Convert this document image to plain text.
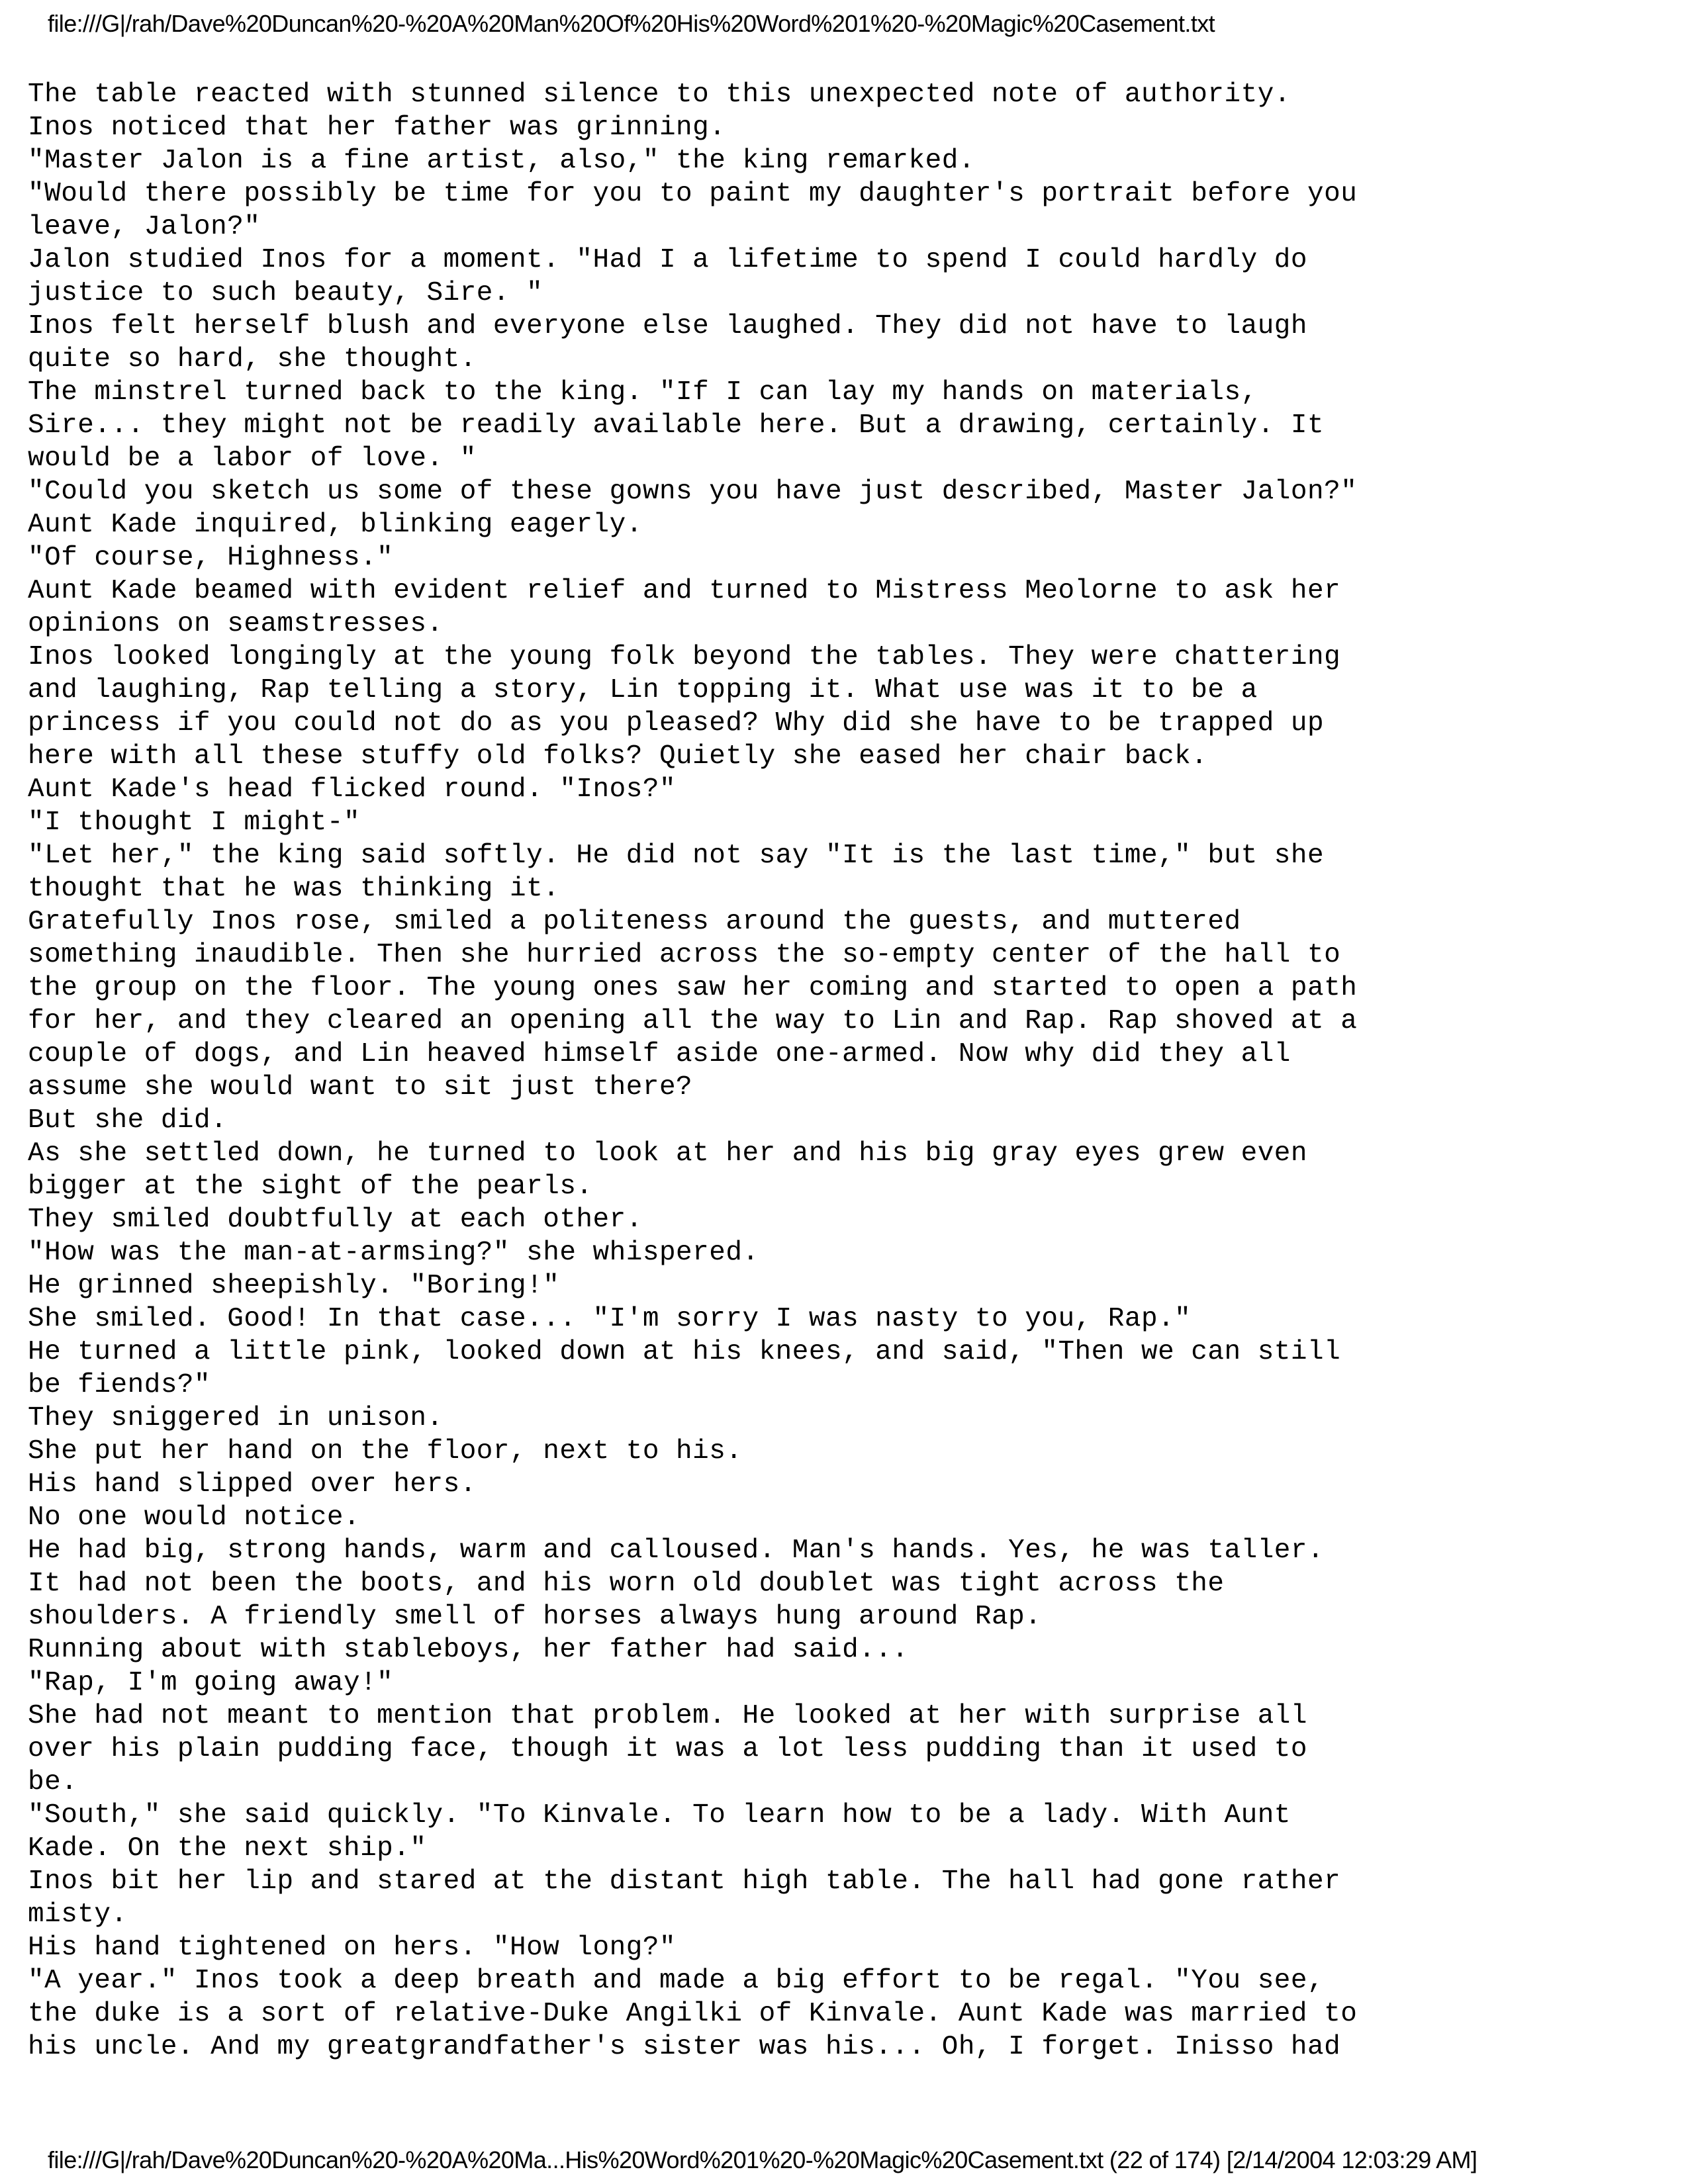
file:///G|/rah/Dave%20Duncan%20-%20A%20Man%20Of%20His%20Word%201%20-%20Magic%20Casement.txt
The table reacted with stunned silence to this unexpected note of authority.
Inos noticed that her father was grinning.
"Master Jalon is a fine artist, also," the king remarked.
"Would there possibly be time for you to paint my daughter's portrait before you
leave, Jalon?"
Jalon studied Inos for a moment. "Had I a lifetime to spend I could hardly do
justice to such beauty, Sire. "
Inos felt herself blush and everyone else laughed. They did not have to laugh
quite so hard, she thought.
The minstrel turned back to the king. "If I can lay my hands on materials,
Sire... they might not be readily available here. But a drawing, certainly. It
would be a labor of love. "
"Could you sketch us some of these gowns you have just described, Master Jalon?"
Aunt Kade inquired, blinking eagerly.
"Of course, Highness."
Aunt Kade beamed with evident relief and turned to Mistress Meolorne to ask her
opinions on seamstresses.
Inos looked longingly at the young folk beyond the tables. They were chattering
and laughing, Rap telling a story, Lin topping it. What use was it to be a
princess if you could not do as you pleased? Why did she have to be trapped up
here with all these stuffy old folks? Quietly she eased her chair back.
Aunt Kade's head flicked round. "Inos?"
"I thought I might-"
"Let her," the king said softly. He did not say "It is the last time," but she
thought that he was thinking it.
Gratefully Inos rose, smiled a politeness around the guests, and muttered
something inaudible. Then she hurried across the so-empty center of the hall to
the group on the floor. The young ones saw her coming and started to open a path
for her, and they cleared an opening all the way to Lin and Rap. Rap shoved at a
couple of dogs, and Lin heaved himself aside one-armed. Now why did they all
assume she would want to sit just there?
But she did.
As she settled down, he turned to look at her and his big gray eyes grew even
bigger at the sight of the pearls.
They smiled doubtfully at each other.
"How was the man-at-armsing?" she whispered.
He grinned sheepishly. "Boring!"
She smiled. Good! In that case... "I'm sorry I was nasty to you, Rap."
He turned a little pink, looked down at his knees, and said, "Then we can still
be fiends?"
They sniggered in unison.
She put her hand on the floor, next to his.
His hand slipped over hers.
No one would notice.
He had big, strong hands, warm and calloused. Man's hands. Yes, he was taller.
It had not been the boots, and his worn old doublet was tight across the
shoulders. A friendly smell of horses always hung around Rap.
Running about with stableboys, her father had said...
"Rap, I'm going away!"
She had not meant to mention that problem. He looked at her with surprise all
over his plain pudding face, though it was a lot less pudding than it used to
be.
"South," she said quickly. "To Kinvale. To learn how to be a lady. With Aunt
Kade. On the next ship."
Inos bit her lip and stared at the distant high table. The hall had gone rather
misty.
His hand tightened on hers. "How long?"
"A year." Inos took a deep breath and made a big effort to be regal. "You see,
the duke is a sort of relative-Duke Angilki of Kinvale. Aunt Kade was married to
his uncle. And my greatgrandfather's sister was his... Oh, I forget. Inisso had
file:///G|/rah/Dave%20Duncan%20-%20A%20Ma...His%20Word%201%20-%20Magic%20Casement.txt (22 of 174) [2/14/2004 12:03:29 AM]
